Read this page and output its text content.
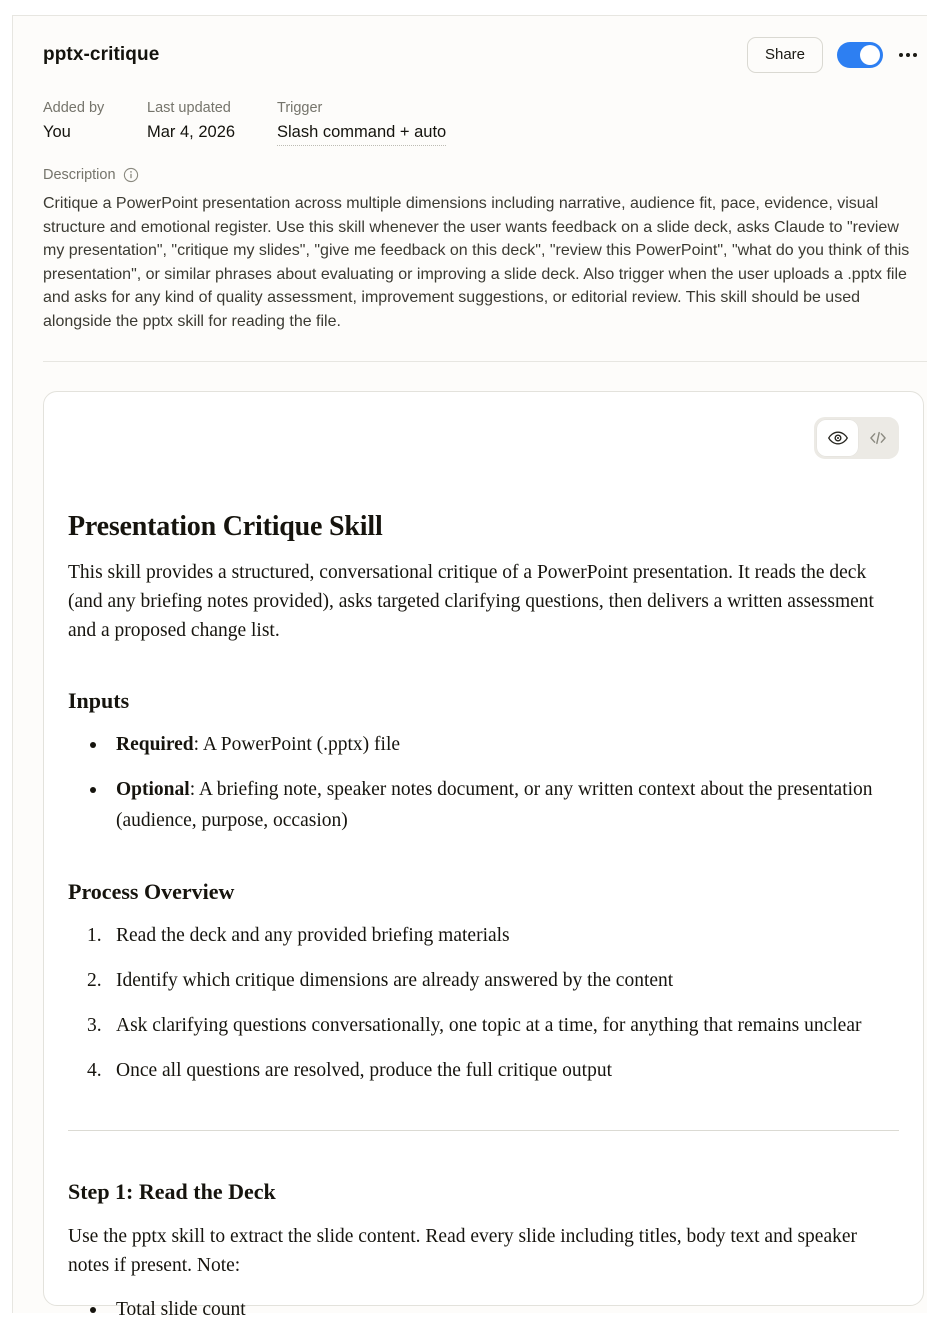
pptx-critique	Share
Added by
You
Last updated
Mar 4, 2026
Trigger
Slash command + auto
Description
Critique a PowerPoint presentation across multiple dimensions including narrative, audience fit, pace, evidence, visual structure and emotional register. Use this skill whenever the user wants feedback on a slide deck, asks Claude to "review my presentation", "critique my slides", "give me feedback on this deck", "review this PowerPoint", "what do you think of this presentation", or similar phrases about evaluating or improving a slide deck. Also trigger when the user uploads a .pptx file and asks for any kind of quality assessment, improvement suggestions, or editorial review. This skill should be used alongside the pptx skill for reading the file.
Presentation Critique Skill

This skill provides a structured, conversational critique of a PowerPoint presentation. It reads the deck (and any briefing notes provided), asks targeted clarifying questions, then delivers a written assessment and a proposed change list.

Inputs
Required: A PowerPoint (.pptx) file
Optional: A briefing note, speaker notes document, or any written context about the presentation (audience, purpose, occasion)
Process Overview
Read the deck and any provided briefing materials
Identify which critique dimensions are already answered by the content
Ask clarifying questions conversationally, one topic at a time, for anything that remains unclear
Once all questions are resolved, produce the full critique output
Step 1: Read the Deck

Use the pptx skill to extract the slide content. Read every slide including titles, body text and speaker notes if present. Note:

Total slide count
